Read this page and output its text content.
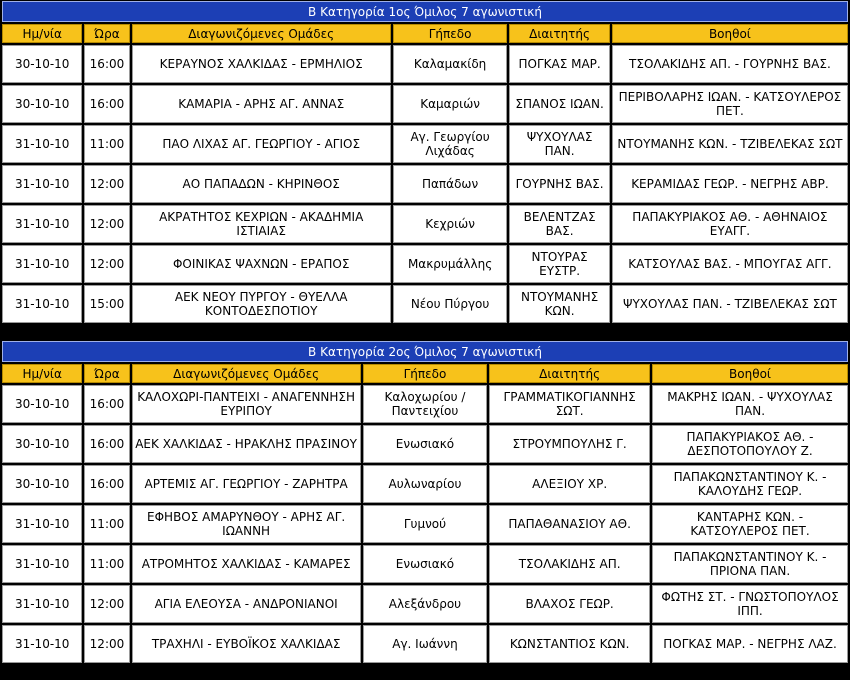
Β Κατηγορία 1ος Όμιλος 7 αγωνιστική
Ημ/νία	Ώρα	Διαγωνιζόμενες Ομάδες	Γήπεδο	Διαιτητής	Βοηθοί
30-10-10	16:00	ΚΕΡΑΥΝΟΣ ΧΑΛΚΙΔΑΣ - ΕΡΜΗΛΙΟΣ	Καλαμακίδη	ΠΟΓΚΑΣ ΜΑΡ.	ΤΣΟΛΑΚΙΔΗΣ ΑΠ. - ΓΟΥΡΝΗΣ ΒΑΣ.
30-10-10	16:00	ΚΑΜΑΡΙΑ - ΑΡΗΣ ΑΓ. ΑΝΝΑΣ	Καμαριών	ΣΠΑΝΟΣ ΙΩΑΝ.	ΠΕΡΙΒΟΛΑΡΗΣ ΙΩΑΝ. - ΚΑΤΣΟΥΛΕΡΟΣ ΠΕΤ.
31-10-10	11:00	ΠΑΟ ΛΙΧΑΣ ΑΓ. ΓΕΩΡΓΙΟΥ - ΑΓΙΟΣ	Αγ. Γεωργίου Λιχάδας	ΨΥΧΟΥΛΑΣ ΠΑΝ.	ΝΤΟΥΜΑΝΗΣ ΚΩΝ. - ΤΖΙΒΕΛΕΚΑΣ ΣΩΤ
31-10-10	12:00	ΑΟ ΠΑΠΑΔΩΝ - ΚΗΡΙΝΘΟΣ	Παπάδων	ΓΟΥΡΝΗΣ ΒΑΣ.	ΚΕΡΑΜΙΔΑΣ ΓΕΩΡ. - ΝΕΓΡΗΣ ΑΒΡ.
31-10-10	12:00	ΑΚΡΑΤΗΤΟΣ ΚΕΧΡΙΩΝ - ΑΚΑΔΗΜΙΑ ΙΣΤΙΑΙΑΣ	Κεχριών	ΒΕΛΕΝΤΖΑΣ ΒΑΣ.	ΠΑΠΑΚΥΡΙΑΚΟΣ ΑΘ. - ΑΘΗΝΑΙΟΣ ΕΥΑΓΓ.
31-10-10	12:00	ΦΟΙΝΙΚΑΣ ΨΑΧΝΩΝ - ΕΡΑΠΟΣ	Μακρυμάλλης	ΝΤΟΥΡΑΣ ΕΥΣΤΡ.	ΚΑΤΣΟΥΛΑΣ ΒΑΣ. - ΜΠΟΥΓΑΣ ΑΓΓ.
31-10-10	15:00	ΑΕΚ ΝΕΟΥ ΠΥΡΓΟΥ - ΘΥΕΛΛΑ ΚΟΝΤΟΔΕΣΠΟΤΙΟΥ	Νέου Πύργου	ΝΤΟΥΜΑΝΗΣ ΚΩΝ.	ΨΥΧΟΥΛΑΣ ΠΑΝ. - ΤΖΙΒΕΛΕΚΑΣ ΣΩΤ
Β Κατηγορία 2ος Όμιλος 7 αγωνιστική
Ημ/νία	Ώρα	Διαγωνιζόμενες Ομάδες	Γήπεδο	Διαιτητής	Βοηθοί
30-10-10	16:00	ΚΑΛΟΧΩΡΙ-ΠΑΝΤΕΙΧΙ - ΑΝΑΓΕΝΝΗΣΗ ΕΥΡΙΠΟΥ	Καλοχωρίου / Παντειχίου	ΓΡΑΜΜΑΤΙΚΟΓΙΑΝΝΗΣ ΣΩΤ.	ΜΑΚΡΗΣ ΙΩΑΝ. - ΨΥΧΟΥΛΑΣ ΠΑΝ.
30-10-10	16:00	ΑΕΚ ΧΑΛΚΙΔΑΣ - ΗΡΑΚΛΗΣ ΠΡΑΣΙΝΟΥ	Ενωσιακό	ΣΤΡΟΥΜΠΟΥΛΗΣ Γ.	ΠΑΠΑΚΥΡΙΑΚΟΣ ΑΘ. - ΔΕΣΠΟΤΟΠΟΥΛΟΥ Ζ.
30-10-10	16:00	ΑΡΤΕΜΙΣ ΑΓ. ΓΕΩΡΓΙΟΥ - ΖΑΡΗΤΡΑ	Αυλωναρίου	ΑΛΕΞΙΟΥ ΧΡ.	ΠΑΠΑΚΩΝΣΤΑΝΤΙΝΟΥ Κ. - ΚΑΛΟΥΔΗΣ ΓΕΩΡ.
31-10-10	11:00	ΕΦΗΒΟΣ ΑΜΑΡΥΝΘΟΥ - ΑΡΗΣ ΑΓ. ΙΩΑΝΝΗ	Γυμνού	ΠΑΠΑΘΑΝΑΣΙΟΥ ΑΘ.	ΚΑΝΤΑΡΗΣ ΚΩΝ. - ΚΑΤΣΟΥΛΕΡΟΣ ΠΕΤ.
31-10-10	11:00	ΑΤΡΟΜΗΤΟΣ ΧΑΛΚΙΔΑΣ - ΚΑΜΑΡΕΣ	Ενωσιακό	ΤΣΟΛΑΚΙΔΗΣ ΑΠ.	ΠΑΠΑΚΩΝΣΤΑΝΤΙΝΟΥ Κ. - ΠΡΙΟΝΑ ΠΑΝ.
31-10-10	12:00	ΑΓΙΑ ΕΛΕΟΥΣΑ - ΑΝΔΡΟΝΙΑΝΟΙ	Αλεξάνδρου	ΒΛΑΧΟΣ ΓΕΩΡ.	ΦΩΤΗΣ ΣΤ. - ΓΝΩΣΤΟΠΟΥΛΟΣ ΙΠΠ.
31-10-10	12:00	ΤΡΑΧΗΛΙ - ΕΥΒΟΪΚΟΣ ΧΑΛΚΙΔΑΣ	Αγ. Ιωάννη	ΚΩΝΣΤΑΝΤΙΟΣ ΚΩΝ.	ΠΟΓΚΑΣ ΜΑΡ. - ΝΕΓΡΗΣ ΛΑΖ.
